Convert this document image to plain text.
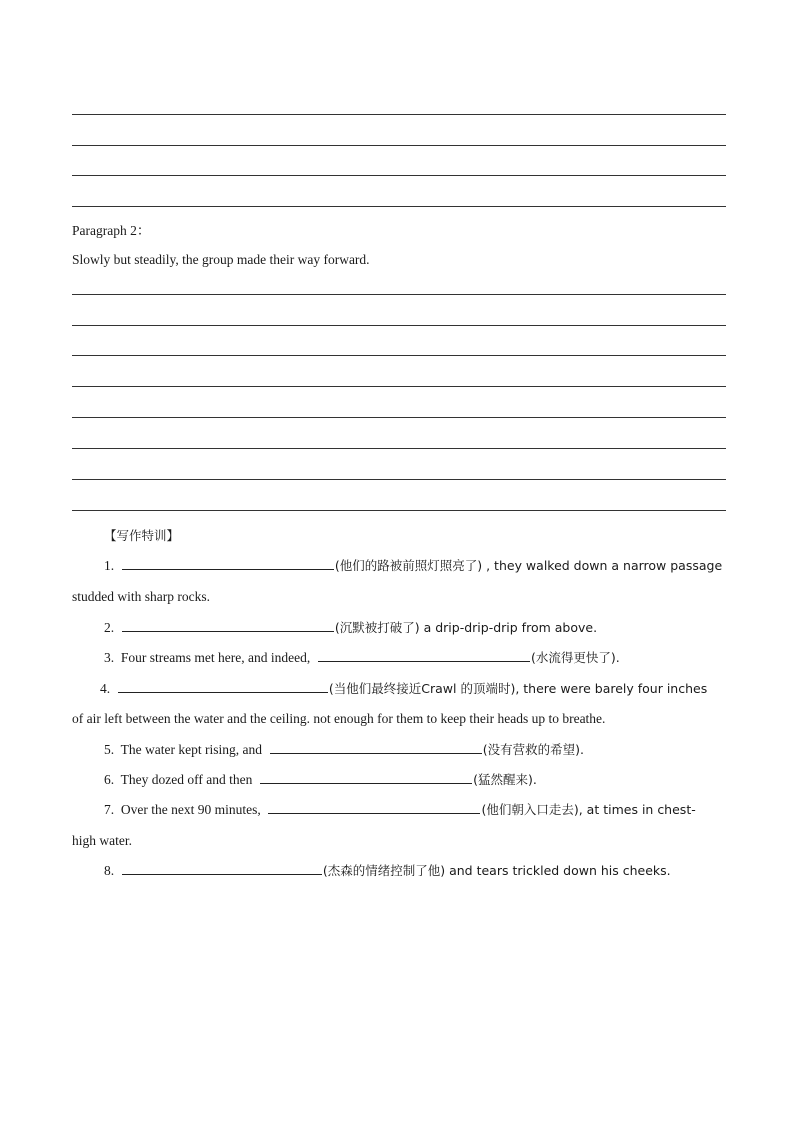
Paragraph 2：
Slowly but steadily, the group made their way forward.
【写作特训】
1.	(他们的路被前照灯照亮了) , they walked down a narrow passage
studded with sharp rocks.
2.	(沉默被打破了) a drip-drip-drip from above.
3. Four streams met here, and indeed,	(水流得更快了).
4.	(当他们最终接近Crawl 的顶端时), there were barely four inches
of air left between the water and the ceiling. not enough for them to keep their heads up to breathe.
5. The water kept rising, and	(没有营救的希望).
6. They dozed off and then	(猛然醒来).
7. Over the next 90 minutes,	(他们朝入口走去), at times in chest-
high water.
8.	(杰森的情绪控制了他) and tears trickled down his cheeks.
